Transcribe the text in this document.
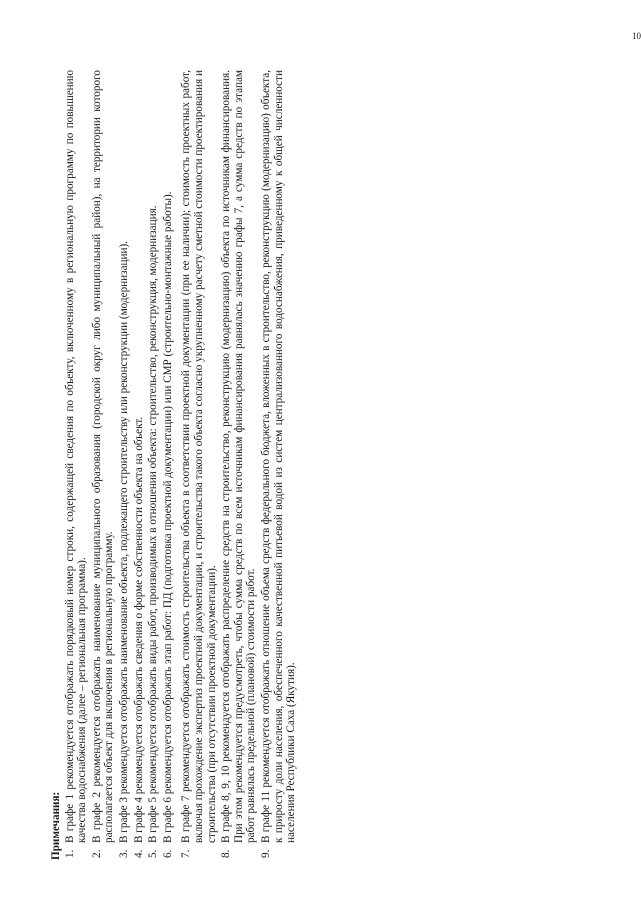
Примечания: 1.
В графе 1 рекомендуется отображать порядковый номер строки, содержащей сведения по объекту, включенному в региональную программу по повышению качества водоснабжения (далее – региональная программа).
2.
В графе 2 рекомендуется отображать наименование муниципального образования (городской округ либо муниципальный район), на территории которого располагается объект для включения в региональную программу.
3.
В графе 3 рекомендуется отображать наименование объекта, подлежащего строительству или реконструкции (модернизации).
4.
В графе 4 рекомендуется отображать сведения о форме собственности объекта на объект.
5.
В графе 5 рекомендуется отображать виды работ, производимых в отношении объекта: строительство, реконструкция, модернизация.
6.
В графе 6 рекомендуется отображать этап работ: ПД (подготовка проектной документации) или СМР (строительно-монтажные работы).
7.
В графе 7 рекомендуется отображать стоимость строительства объекта в соответствии проектной документации (при ее наличии); стоимость проектных работ, включая прохождение экспертиз проектной документации, и строительства такого объекта согласно укрупненному расчету сметной стоимости проектирования и строительства (при отсутствии проектной документации).
8.
В графе 8, 9, 10 рекомендуется отображать распределение средств на строительство, реконструкцию (модернизацию) объекта по источникам финансирования. При этом рекомендуется предусмотреть, чтобы сумма средств по всем источникам финансирования равнялась значению графы 7, а сумма средств по этапам работ равнялась предельной (плановой) стоимости работ.
9.
В графе 11 рекомендуется отображать отношение объема средств федерального бюджета, вложенных в строительство, реконструкцию (модернизацию) объекта, к приросту доли населения, обеспеченного качественной питьевой водой из систем централизованного водоснабжения, приведенному к общей численности населения Республики Саха (Якутия).
10
